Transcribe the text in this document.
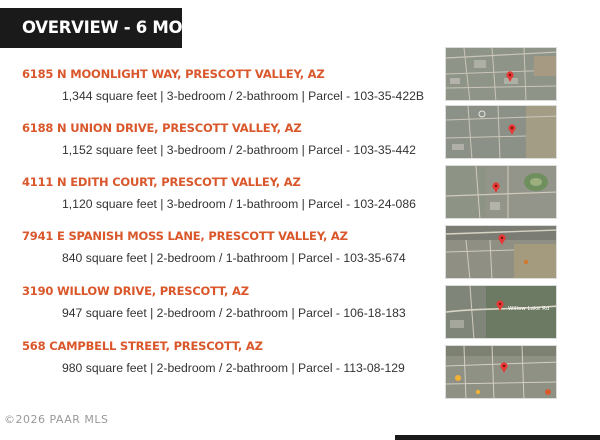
OVERVIEW - 6 MOBILE
6185 N MOONLIGHT WAY, PRESCOTT VALLEY, AZ
1,344 square feet | 3-bedroom / 2-bathroom | Parcel - 103-35-422B
6188 N UNION DRIVE, PRESCOTT VALLEY, AZ
1,152 square feet | 3-bedroom / 2-bathroom | Parcel - 103-35-442
4111 N EDITH COURT, PRESCOTT VALLEY, AZ
1,120 square feet | 3-bedroom / 1-bathroom | Parcel - 103-24-086
7941 E SPANISH MOSS LANE, PRESCOTT VALLEY, AZ
840 square feet | 2-bedroom / 1-bathroom | Parcel - 103-35-674
3190 WILLOW DRIVE, PRESCOTT, AZ
947 square feet | 2-bedroom / 2-bathroom | Parcel - 106-18-183	Willow Lake Rd
568 CAMPBELL STREET, PRESCOTT, AZ
980 square feet | 2-bedroom / 2-bathroom | Parcel - 113-08-129
©2026 PAAR MLS
